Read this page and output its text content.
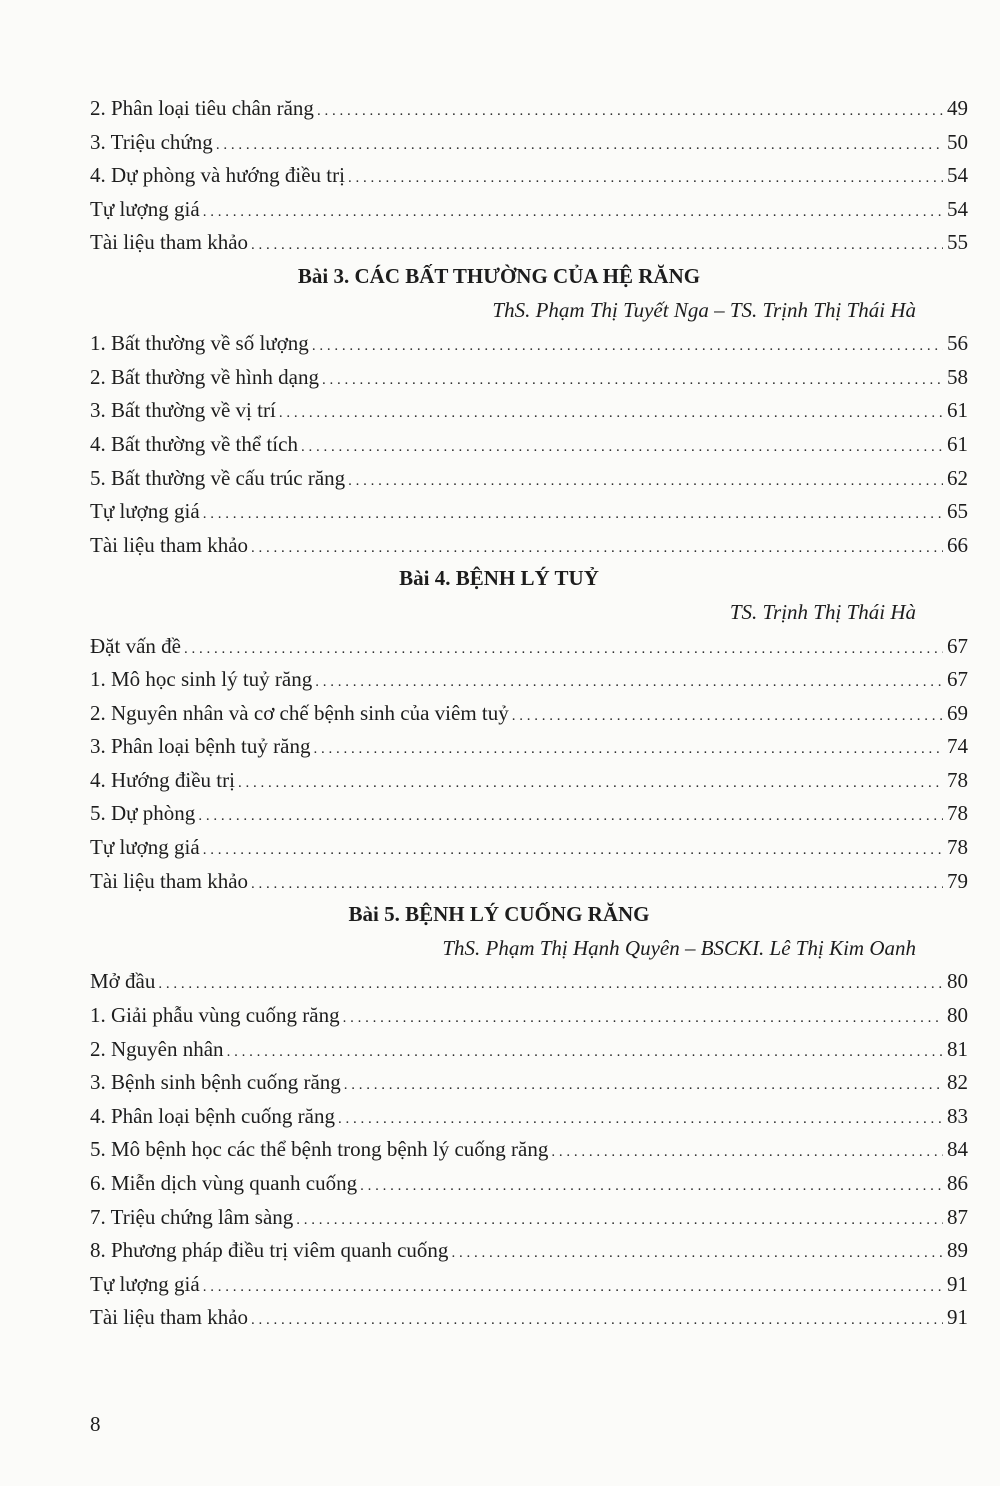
2. Phân loại tiêu chân răng . . .	49
3. Triệu chứng . . .	50
4. Dự phòng và hướng điều trị . . .	54
Tự lượng giá . . .	54
Tài liệu tham khảo . . .	55
Bài 3. CÁC BẤT THƯỜNG CỦA HỆ RĂNG
ThS. Phạm Thị Tuyết Nga – TS. Trịnh Thị Thái Hà
1. Bất thường về số lượng . . .	56
2. Bất thường về hình dạng . . .	58
3. Bất thường về vị trí . . .	61
4. Bất thường về thể tích . . .	61
5. Bất thường về cấu trúc răng . . .	62
Tự lượng giá . . .	65
Tài liệu tham khảo . . .	66
Bài 4. BỆNH LÝ TUỶ
TS. Trịnh Thị Thái Hà
Đặt vấn đề . . .	67
1. Mô học sinh lý tuỷ răng . . .	67
2. Nguyên nhân và cơ chế bệnh sinh của viêm tuỷ . . .	69
3. Phân loại bệnh tuỷ răng . . .	74
4. Hướng điều trị . . .	78
5. Dự phòng . . .	78
Tự lượng giá . . .	78
Tài liệu tham khảo . . .	79
Bài 5. BỆNH LÝ CUỐNG RĂNG
ThS. Phạm Thị Hạnh Quyên – BSCKI. Lê Thị Kim Oanh
Mở đầu . . .	80
1. Giải phẫu vùng cuống răng . . .	80
2. Nguyên nhân . . .	81
3. Bệnh sinh bệnh cuống răng . . .	82
4. Phân loại bệnh cuống răng . . .	83
5. Mô bệnh học các thể bệnh trong bệnh lý cuống răng . . .	84
6. Miễn dịch vùng quanh cuống . . .	86
7. Triệu chứng lâm sàng . . .	87
8. Phương pháp điều trị viêm quanh cuống . . .	89
Tự lượng giá . . .	91
Tài liệu tham khảo . . .	91
8
